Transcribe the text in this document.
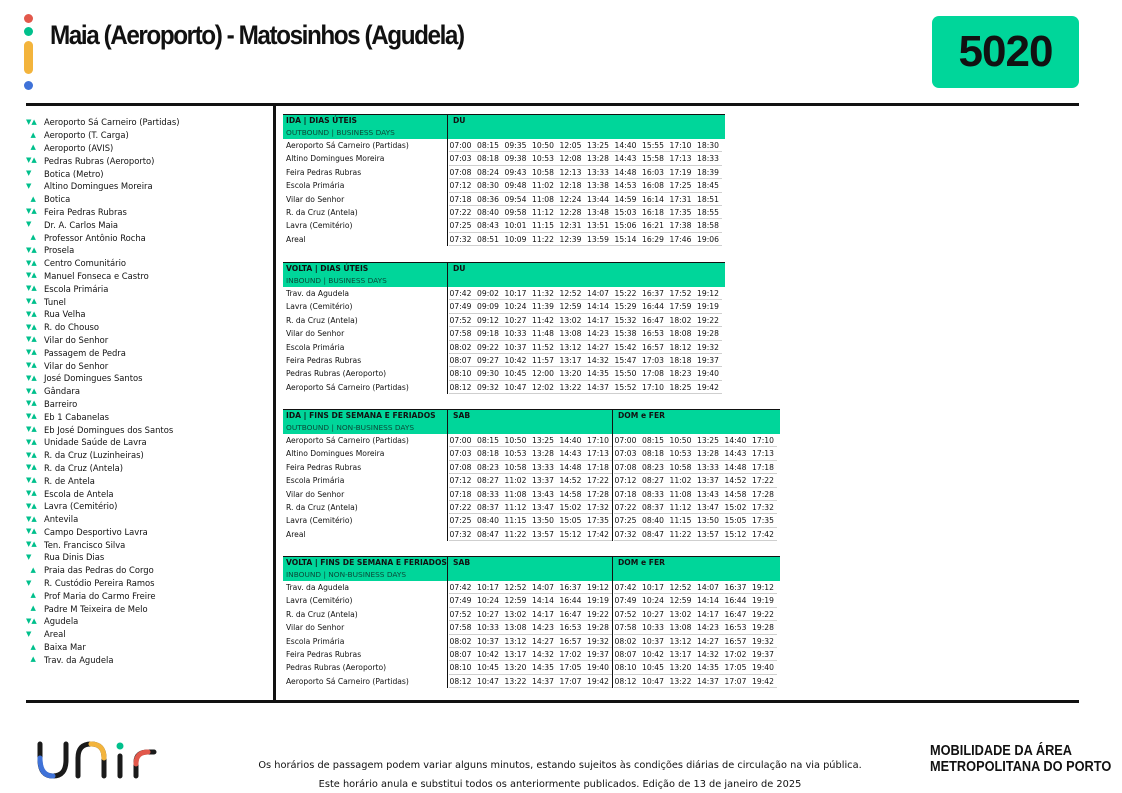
Maia (Aeroporto) - Matosinhos (Agudela)	5020
▼▲ Aeroporto Sá Carneiro (Partidas)
▲ Aeroporto (T. Carga)
▲ Aeroporto (AVIS)
▼▲ Pedras Rubras (Aeroporto)
▼	Botica (Metro)
▼	Altino Domingues Moreira
▲ Botica
▼▲ Feira Pedras Rubras
▼	Dr. A. Carlos Maia
▲ Professor Antônio Rocha
▼▲ Prosela
▼▲ Centro Comunitário
▼▲ Manuel Fonseca e Castro
▼▲ Escola Primária
▼▲ Tunel
▼▲ Rua Velha
▼▲ R. do Chouso
▼▲ Vilar do Senhor
▼▲ Passagem de Pedra
▼▲ Vilar do Senhor
▼▲ José Domingues Santos
▼▲ Gândara
▼▲ Barreiro
▼▲ Eb 1 Cabanelas
▼▲ Eb José Domingues dos Santos
▼▲ Unidade Saúde de Lavra
▼▲ R. da Cruz (Luzinheiras)
▼▲ R. da Cruz (Antela)
▼▲ R. de Antela
▼▲ Escola de Antela
▼▲ Lavra (Cemitério)
▼▲ Antevila
▼▲ Campo Desportivo Lavra
▼▲ Ten. Francisco Silva
▼	Rua Dinis Dias
▲ Praia das Pedras do Corgo
▼	R. Custódio Pereira Ramos
▲ Prof Maria do Carmo Freire
▲ Padre M Teixeira de Melo
▼▲ Agudela
▼	Areal
▲ Baixa Mar
▲ Trav. da Agudela
IDA | DIAS ÚTEIS
OUTBOUND | BUSINESS DAYS
DU
Aeroporto Sá Carneiro (Partidas)	07:00 08:15 09:35 10:50 12:05 13:25 14:40 15:55 17:10 18:30
Altino Domingues Moreira	07:03 08:18 09:38 10:53 12:08 13:28 14:43 15:58 17:13 18:33
Feira Pedras Rubras	07:08 08:24 09:43 10:58 12:13 13:33 14:48 16:03 17:19 18:39
Escola Primária	07:12 08:30 09:48 11:02 12:18 13:38 14:53 16:08 17:25 18:45
Vilar do Senhor	07:18 08:36 09:54 11:08 12:24 13:44 14:59 16:14 17:31 18:51
R. da Cruz (Antela)	07:22 08:40 09:58 11:12 12:28 13:48 15:03 16:18 17:35 18:55
Lavra (Cemitério)	07:25 08:43 10:01 11:15 12:31 13:51 15:06 16:21 17:38 18:58
Areal	07:32 08:51 10:09 11:22 12:39 13:59 15:14 16:29 17:46 19:06
VOLTA | DIAS ÚTEIS
INBOUND | BUSINESS DAYS
DU
Trav. da Agudela	07:42 09:02 10:17 11:32 12:52 14:07 15:22 16:37 17:52 19:12
Lavra (Cemitério)	07:49 09:09 10:24 11:39 12:59 14:14 15:29 16:44 17:59 19:19
R. da Cruz (Antela)	07:52 09:12 10:27 11:42 13:02 14:17 15:32 16:47 18:02 19:22
Vilar do Senhor	07:58 09:18 10:33 11:48 13:08 14:23 15:38 16:53 18:08 19:28
Escola Primária	08:02 09:22 10:37 11:52 13:12 14:27 15:42 16:57 18:12 19:32
Feira Pedras Rubras	08:07 09:27 10:42 11:57 13:17 14:32 15:47 17:03 18:18 19:37
Pedras Rubras (Aeroporto)	08:10 09:30 10:45 12:00 13:20 14:35 15:50 17:08 18:23 19:40
Aeroporto Sá Carneiro (Partidas)	08:12 09:32 10:47 12:02 13:22 14:37 15:52 17:10 18:25 19:42
IDA | FINS DE SEMANA E FERIADOS
OUTBOUND | NON-BUSINESS DAYS
SAB	DOM e FER
Aeroporto Sá Carneiro (Partidas)	07:00 08:15 10:50 13:25 14:40 17:10 07:00 08:15 10:50 13:25 14:40 17:10
Altino Domingues Moreira	07:03 08:18 10:53 13:28 14:43 17:13 07:03 08:18 10:53 13:28 14:43 17:13
Feira Pedras Rubras	07:08 08:23 10:58 13:33 14:48 17:18 07:08 08:23 10:58 13:33 14:48 17:18
Escola Primária	07:12 08:27 11:02 13:37 14:52 17:22 07:12 08:27 11:02 13:37 14:52 17:22
Vilar do Senhor	07:18 08:33 11:08 13:43 14:58 17:28 07:18 08:33 11:08 13:43 14:58 17:28
R. da Cruz (Antela)	07:22 08:37 11:12 13:47 15:02 17:32 07:22 08:37 11:12 13:47 15:02 17:32
Lavra (Cemitério)	07:25 08:40 11:15 13:50 15:05 17:35 07:25 08:40 11:15 13:50 15:05 17:35
Areal	07:32 08:47 11:22 13:57 15:12 17:42 07:32 08:47 11:22 13:57 15:12 17:42
VOLTA | FINS DE SEMANA E FERIADOS
INBOUND | NON-BUSINESS DAYS
SAB	DOM e FER
Trav. da Agudela	07:42 10:17 12:52 14:07 16:37 19:12 07:42 10:17 12:52 14:07 16:37 19:12
Lavra (Cemitério)	07:49 10:24 12:59 14:14 16:44 19:19 07:49 10:24 12:59 14:14 16:44 19:19
R. da Cruz (Antela)	07:52 10:27 13:02 14:17 16:47 19:22 07:52 10:27 13:02 14:17 16:47 19:22
Vilar do Senhor	07:58 10:33 13:08 14:23 16:53 19:28 07:58 10:33 13:08 14:23 16:53 19:28
Escola Primária	08:02 10:37 13:12 14:27 16:57 19:32 08:02 10:37 13:12 14:27 16:57 19:32
Feira Pedras Rubras	08:07 10:42 13:17 14:32 17:02 19:37 08:07 10:42 13:17 14:32 17:02 19:37
Pedras Rubras (Aeroporto)	08:10 10:45 13:20 14:35 17:05 19:40 08:10 10:45 13:20 14:35 17:05 19:40
Aeroporto Sá Carneiro (Partidas)	08:12 10:47 13:22 14:37 17:07 19:42 08:12 10:47 13:22 14:37 17:07 19:42
Os horários de passagem podem variar alguns minutos, estando sujeitos às condições diárias de circulação na via pública.
Este horário anula e substitui todos os anteriormente publicados. Edição de 13 de janeiro de 2025
MOBILIDADE DA ÁREA
METROPOLITANA DO PORTO
